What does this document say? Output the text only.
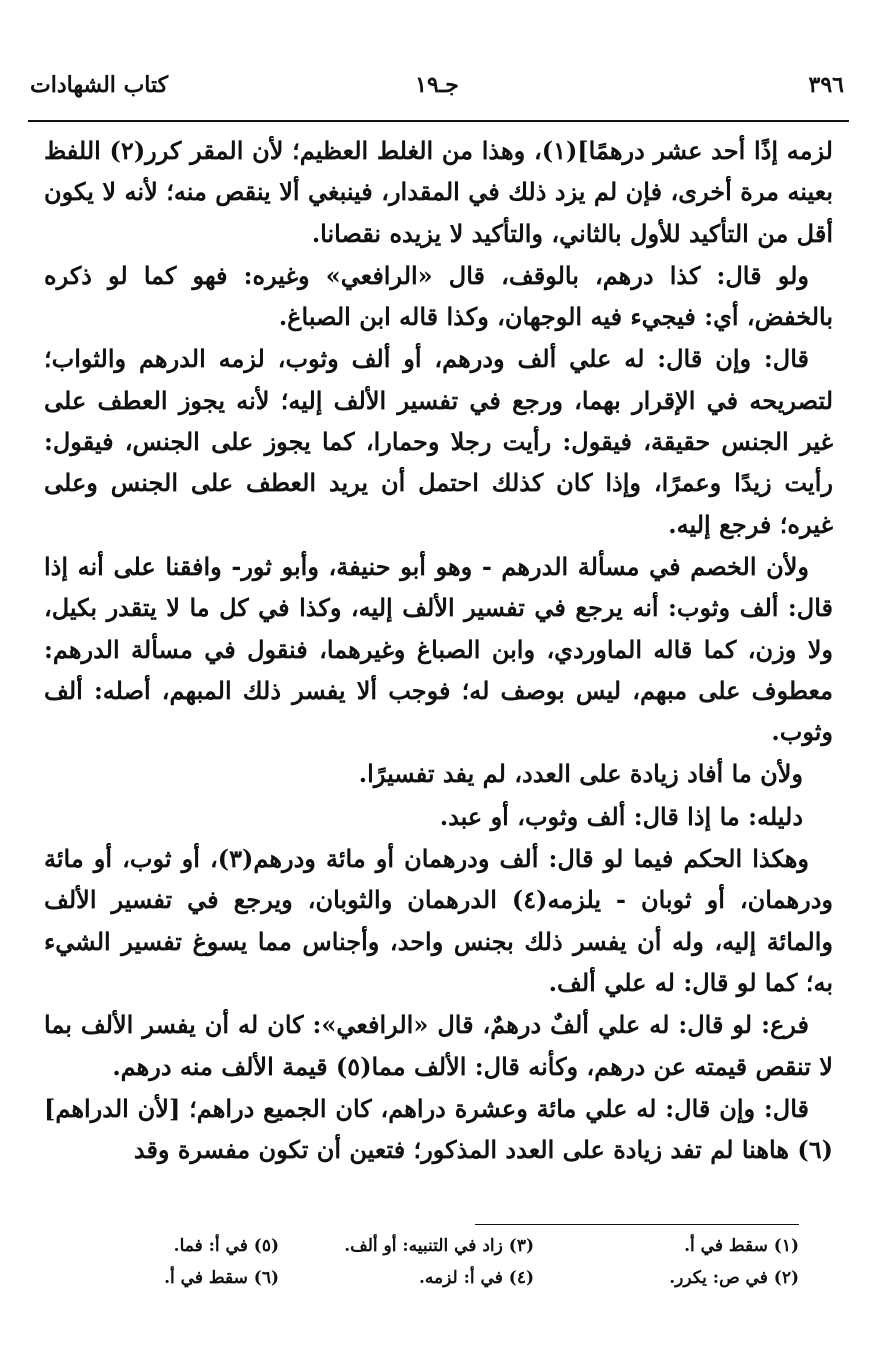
٣٩٦
جـ١٩
كتاب الشهادات

لزمه إذًا أحد عشر درهمًا](١)، وهذا من الغلط العظيم؛ لأن المقر كرر(٢) اللفظ بعينه مرة أخرى، فإن لم يزد ذلك في المقدار، فينبغي ألا ينقص منه؛ لأنه لا يكون أقل من التأكيد للأول بالثاني، والتأكيد لا يزيده نقصانا.

ولو قال: كذا درهم، بالوقف، قال «الرافعي» وغيره: فهو كما لو ذكره بالخفض، أي: فيجيء فيه الوجهان، وكذا قاله ابن الصباغ.

قال: وإن قال: له علي ألف ودرهم، أو ألف وثوب، لزمه الدرهم والثواب؛ لتصريحه في الإقرار بهما، ورجع في تفسير الألف إليه؛ لأنه يجوز العطف على غير الجنس حقيقة، فيقول: رأيت رجلا وحمارا، كما يجوز على الجنس، فيقول: رأيت زيدًا وعمرًا، وإذا كان كذلك احتمل أن يريد العطف على الجنس وعلى غيره؛ فرجع إليه.

ولأن الخصم في مسألة الدرهم - وهو أبو حنيفة، وأبو ثور- وافقنا على أنه إذا قال: ألف وثوب: أنه يرجع في تفسير الألف إليه، وكذا في كل ما لا يتقدر بكيل، ولا وزن، كما قاله الماوردي، وابن الصباغ وغيرهما، فنقول في مسألة الدرهم: معطوف على مبهم، ليس بوصف له؛ فوجب ألا يفسر ذلك المبهم، أصله: ألف وثوب.

ولأن ما أفاد زيادة على العدد، لم يفد تفسيرًا.

دليله: ما إذا قال: ألف وثوب، أو عبد.

وهكذا الحكم فيما لو قال: ألف ودرهمان أو مائة ودرهم(٣)، أو ثوب، أو مائة ودرهمان، أو ثوبان - يلزمه(٤) الدرهمان والثوبان، ويرجع في تفسير الألف والمائة إليه، وله أن يفسر ذلك بجنس واحد، وأجناس مما يسوغ تفسير الشيء به؛ كما لو قال: له علي ألف.

فرع: لو قال: له علي ألفٌ درهمٌ، قال «الرافعي»: كان له أن يفسر الألف بما لا تنقص قيمته عن درهم، وكأنه قال: الألف مما(٥) قيمة الألف منه درهم.

قال: وإن قال: له علي مائة وعشرة دراهم، كان الجميع دراهم؛ [لأن الدراهم](٦) هاهنا لم تفد زيادة على العدد المذكور؛ فتعين أن تكون مفسرة وقد

(١) سقط في أ.
(٣) زاد في التنبيه: أو ألف.
(٥) في أ: فما.
(٢) في ص: يكرر.
(٤) في أ: لزمه.
(٦) سقط في أ.
